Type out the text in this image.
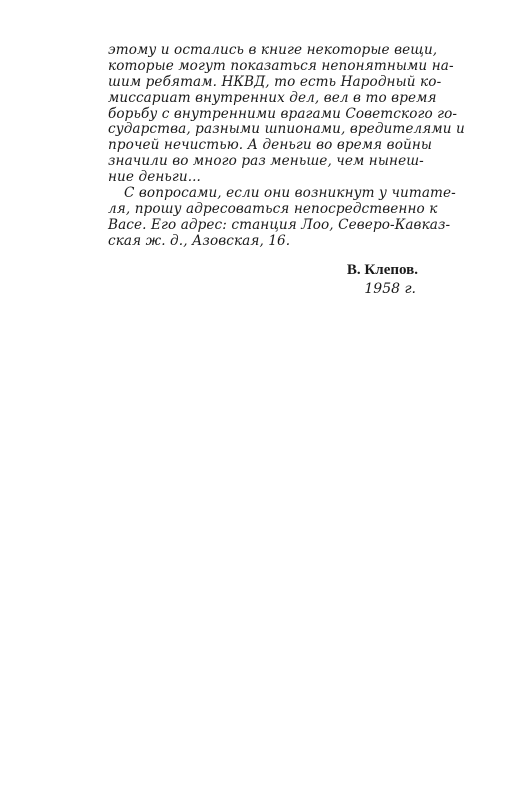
этому и остались в книге некоторые вещи,
которые могут показаться непонятными на-
шим ребятам. НКВД, то есть Народный ко-
миссариат внутренних дел, вел в то время
борьбу с внутренними врагами Советского го-
сударства, разными шпионами, вредителями и
прочей нечистью. А деньги во время войны
значили во много раз меньше, чем нынеш-
ние деньги...
С вопросами, если они возникнут у читате-
ля, прошу адресоваться непосредственно к
Васе. Его адрес: станция Лоо, Северо-Кавказ-
ская ж. д., Азовская, 16.
В. Клепов.
1958 г.
